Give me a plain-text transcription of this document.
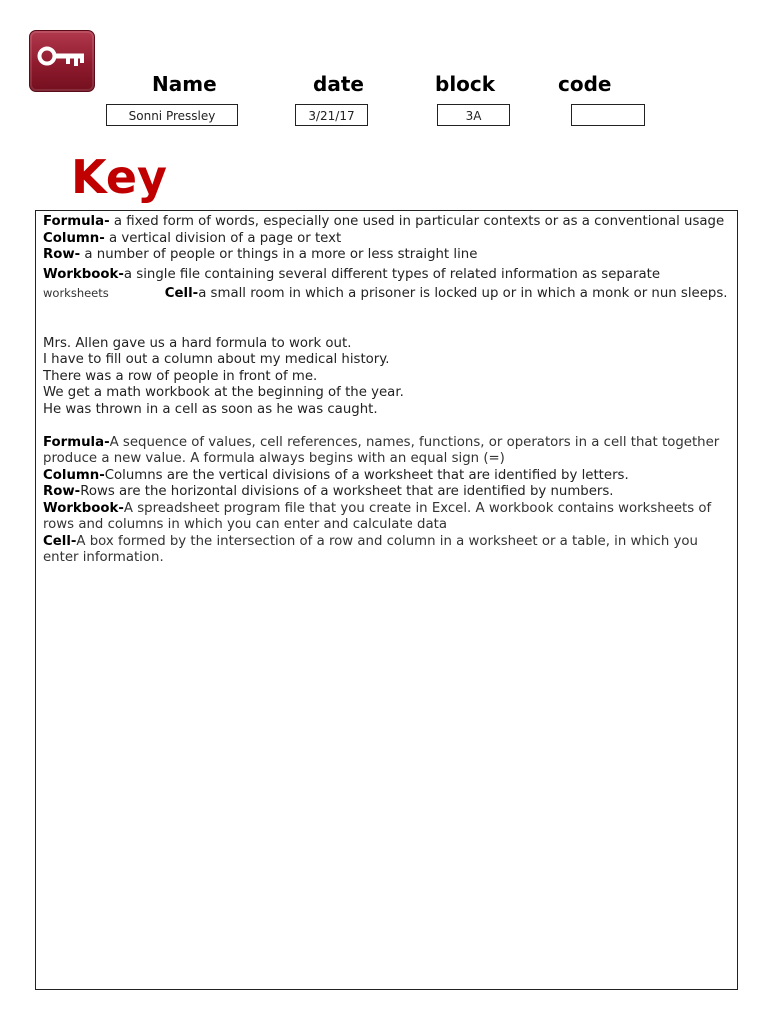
Name	date	block	code
Sonni Pressley	3/21/17	3A
Key

Formula- a fixed form of words, especially one used in particular contexts or as a conventional usage

Column- a vertical division of a page or text

Row- a number of people or things in a more or less straight line

Workbook-a single file containing several different types of related information as separate

worksheets	Cell-a small room in which a prisoner is locked up or in which a monk or nun sleeps.

Mrs. Allen gave us a hard formula to work out.

I have to fill out a column about my medical history.

There was a row of people in front of me.

We get a math workbook at the beginning of the year.

He was thrown in a cell as soon as he was caught.

Formula-A sequence of values, cell references, names, functions, or operators in a cell that together produce a new value. A formula always begins with an equal sign (=)

Column-Columns are the vertical divisions of a worksheet that are identified by letters.

Row-Rows are the horizontal divisions of a worksheet that are identified by numbers.

Workbook-A spreadsheet program file that you create in Excel. A workbook contains worksheets of rows and columns in which you can enter and calculate data

Cell-A box formed by the intersection of a row and column in a worksheet or a table, in which you enter information.
